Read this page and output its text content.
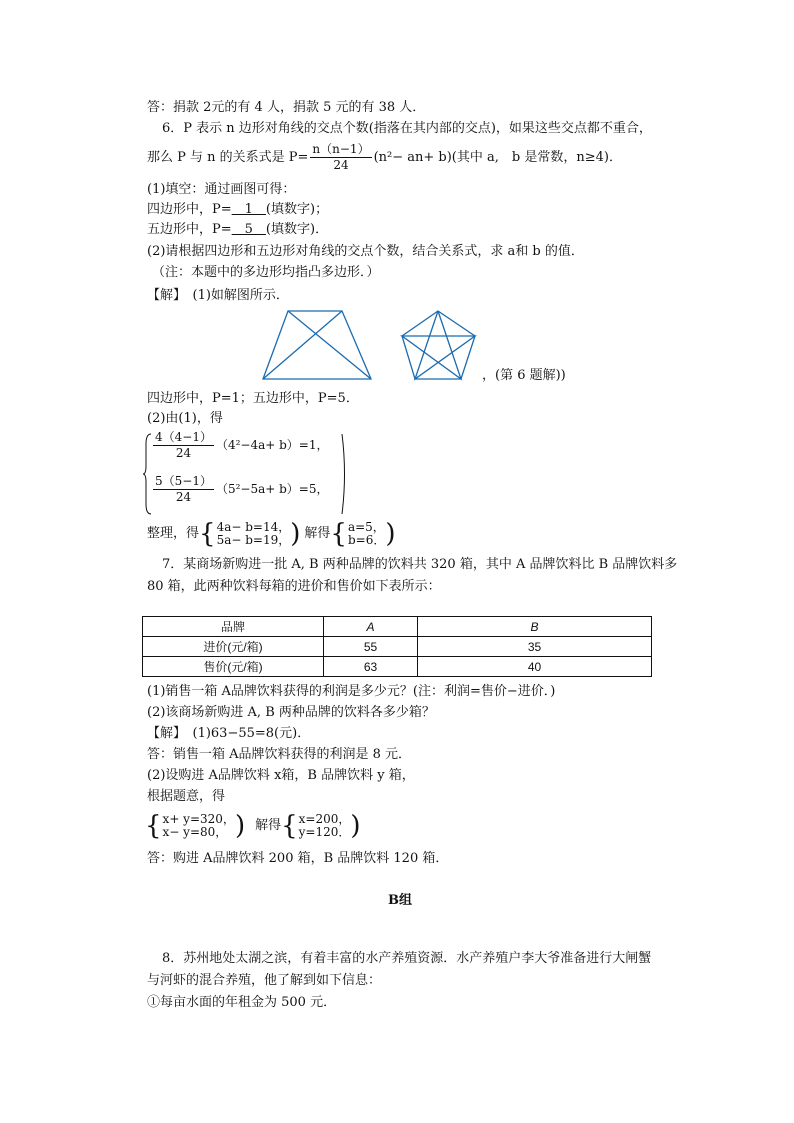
答：捐款 2元的有 4 人，捐款 5 元的有 38 人．
6．P 表示 n 边形对角线的交点个数(指落在其内部的交点)，如果这些交点都不重合，
那么 P 与 n 的关系式是 $P= \frac{n(n-1)}{24} (n^2- an+ b)$(其中 a,　b 是常数，n≥4)．
(1)填空：通过画图可得：
四边形中，P=　1　(填数字)；
五边形中，P=　5　(填数字)．
(2)请根据四边形和五边形对角线的交点个数，结合关系式，求 a和 b 的值．
（注：本题中的多边形均指凸多边形．）
【解】　(1)如解图所示．
，(第 6 题解))
四边形中，P=1；五边形中，P=5．
(2)由(1)，得
$\frac{4(4-1)}{24} (4^2-4a+ b)=1$，
$\frac{5(5-1)}{24} (5^2-5a+ b)=5$，
整理，得{ 4a− b=14，
5a− b=19， ) 解得{ a=5，
b=6． )
7．某商场新购进一批 A, B 两种品牌的饮料共 320 箱，其中 A 品牌饮料比 B 品牌饮料多
80 箱，此两种饮料每箱的进价和售价如下表所示：
品牌	A	B
进价(元/箱)	55	35
售价(元/箱)	63	40
(1)销售一箱 A品牌饮料获得的利润是多少元？(注：利润=售价−进价．)
(2)该商场新购进 A, B 两种品牌的饮料各多少箱？
【解】　(1)63−55=8(元)．
答：销售一箱 A品牌饮料获得的利润是 8 元．
(2)设购进 A品牌饮料 x箱，B 品牌饮料 y 箱，
根据题意，得
{ x+ y=320，
x− y=80， ) 解得{ x=200，
y=120． )
答：购进 A品牌饮料 200 箱，B 品牌饮料 120 箱．
B组
8．苏州地处太湖之滨，有着丰富的水产养殖资源．水产养殖户李大爷准备进行大闸蟹
与河虾的混合养殖，他了解到如下信息：
①每亩水面的年租金为 500 元．
